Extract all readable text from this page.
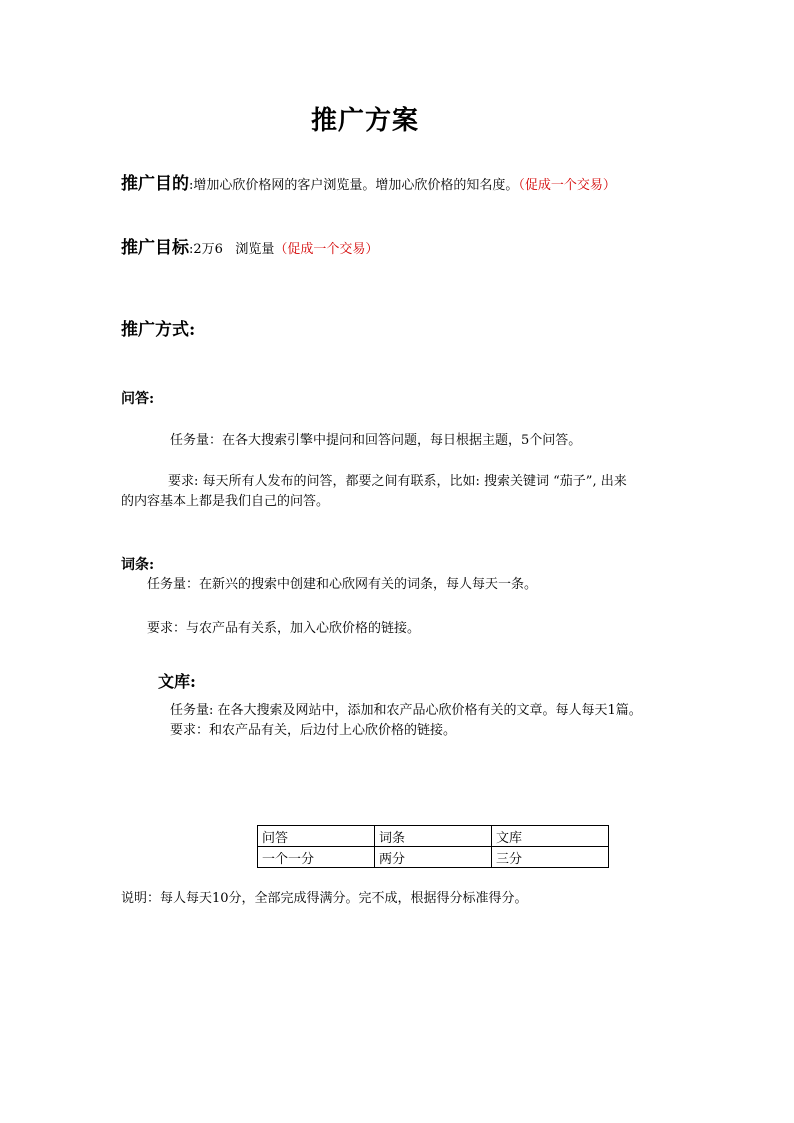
推广方案
推广目的:增加心欣价格网的客户浏览量。增加心欣价格的知名度。（促成一个交易）
推广目标:2万6   浏览量（促成一个交易）
推广方式:
问答:
任务量：在各大搜索引擎中提问和回答问题，每日根据主题，5个问答。
要求: 每天所有人发布的问答，都要之间有联系，比如: 搜索关键词 “茄子”, 出来
的内容基本上都是我们自己的问答。
词条:
任务量：在新兴的搜索中创建和心欣网有关的词条，每人每天一条。
要求：与农产品有关系，加入心欣价格的链接。
文库:
任务量: 在各大搜索及网站中，添加和农产品心欣价格有关的文章。每人每天1篇。
要求：和农产品有关，后边付上心欣价格的链接。
问答	词条	文库
一个一分	两分	三分
说明：每人每天10分，全部完成得满分。完不成，根据得分标准得分。
